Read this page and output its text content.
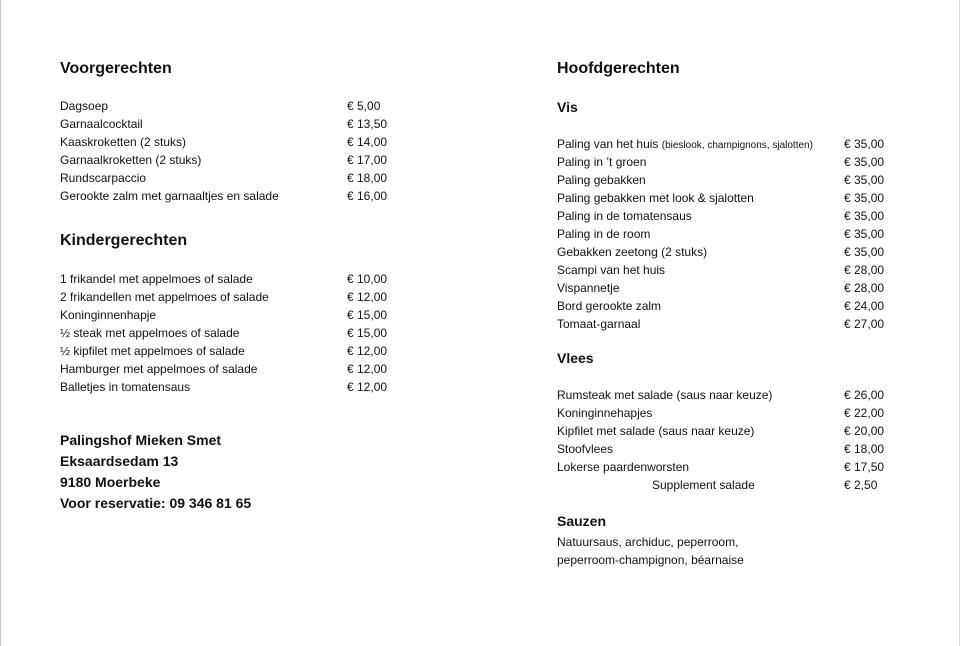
Voorgerechten
Dagsoep	€ 5,00
Garnaalcocktail	€ 13,50
Kaaskroketten (2 stuks)	€ 14,00
Garnaalkroketten (2 stuks)	€ 17,00
Rundscarpaccio	€ 18,00
Gerookte zalm met garnaaltjes en salade	€ 16,00
Kindergerechten
1 frikandel met appelmoes of salade	€ 10,00
2 frikandellen met appelmoes of salade	€ 12,00
Koninginnenhapje	€ 15,00
½ steak met appelmoes of salade	€ 15,00
½ kipfilet met appelmoes of salade	€ 12,00
Hamburger met appelmoes of salade	€ 12,00
Balletjes in tomatensaus	€ 12,00
Palingshof Mieken Smet
Eksaardsedam 13
9180 Moerbeke
Voor reservatie: 09 346 81 65
Hoofdgerechten
Vis
Paling van het huis (bieslook, champignons, sjalotten)	€ 35,00
Paling in ’t groen	€ 35,00
Paling gebakken	€ 35,00
Paling gebakken met look & sjalotten	€ 35,00
Paling in de tomatensaus	€ 35,00
Paling in de room	€ 35,00
Gebakken zeetong (2 stuks)	€ 35,00
Scampi van het huis	€ 28,00
Vispannetje	€ 28,00
Bord gerookte zalm	€ 24,00
Tomaat-garnaal	€ 27,00
Vlees
Rumsteak met salade (saus naar keuze)	€ 26,00
Koninginnehapjes	€ 22,00
Kipfilet met salade (saus naar keuze)	€ 20,00
Stoofvlees	€ 18,00
Lokerse paardenworsten	€ 17,50
Supplement salade	€ 2,50
Sauzen
Natuursaus, archiduc, peperroom,
peperroom-champignon, béarnaise
